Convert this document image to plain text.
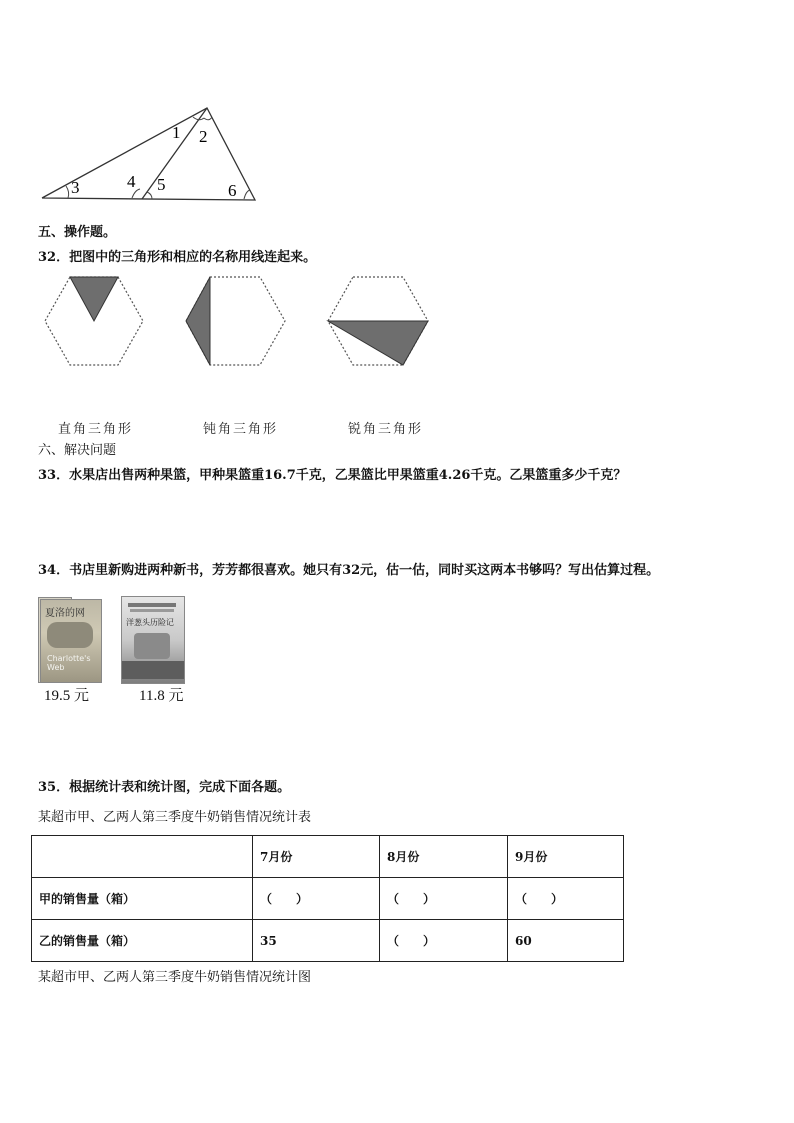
1 2
3	4 5	6
五、操作题。
32．把图中的三角形和相应的名称用线连起来。
直角三角形	钝角三角形	锐角三角形
六、解决问题
33．水果店出售两种果篮，甲种果篮重16.7千克，乙果篮比甲果篮重4.26千克。乙果篮重多少千克？
34．书店里新购进两种新书，芳芳都很喜欢。她只有32元，估一估，同时买这两本书够吗？写出估算过程。
夏洛的网
Charlotte's Web
洋葱头历险记
19.5 元	11.8 元
35．根据统计表和统计图，完成下面各题。
某超市甲、乙两人第三季度牛奶销售情况统计表
	7月份	8月份	9月份
甲的销售量（箱）	（　　）	（　　）	（　　）
乙的销售量（箱）	35	（　　）	60
某超市甲、乙两人第三季度牛奶销售情况统计图
